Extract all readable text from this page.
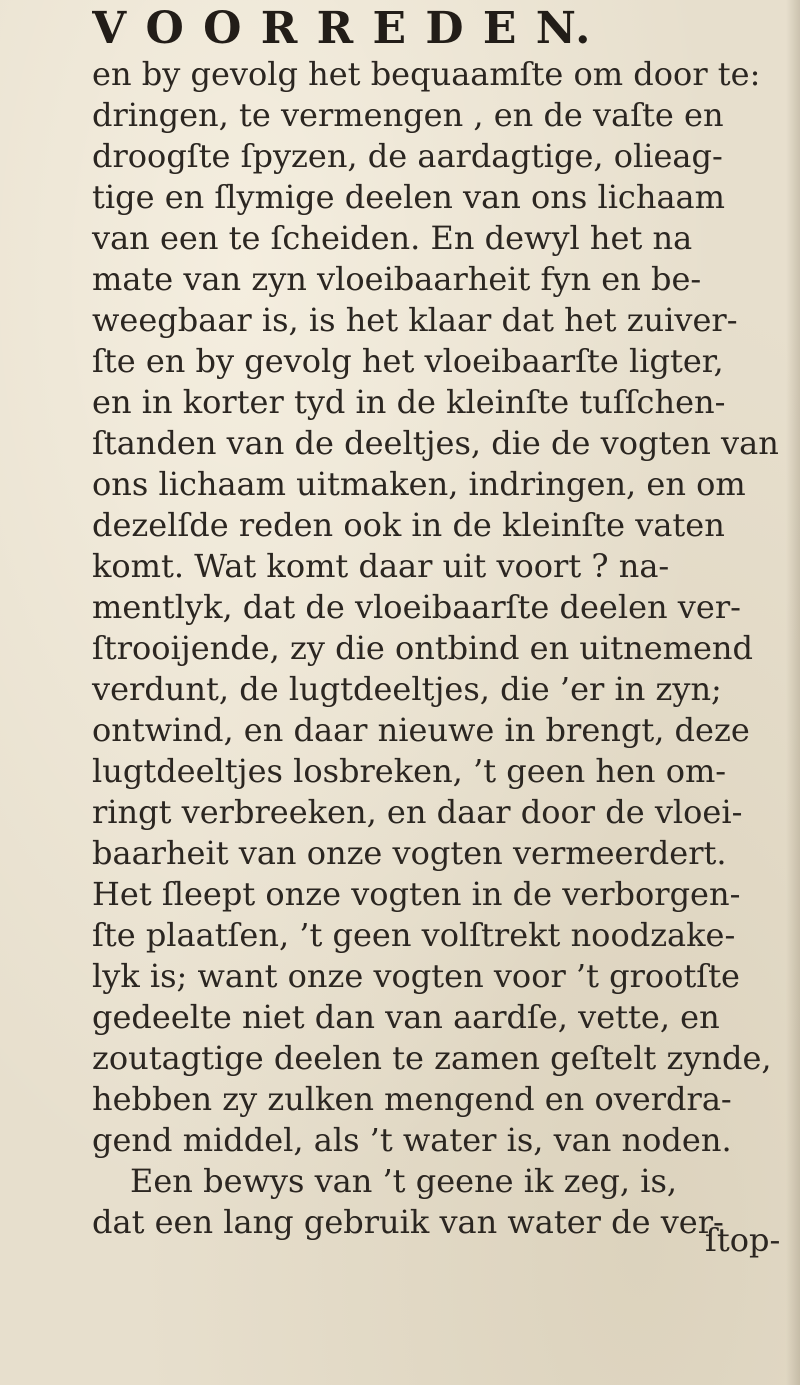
V O O R R E D E N.
en by gevolg het bequaamſte om door te:
dringen, te vermengen , en de vaſte en
droogſte ſpyzen, de aardagtige, olieag-
tige en ſlymige deelen van ons lichaam
van een te ſcheiden. En dewyl het na
mate van zyn vloeibaarheit fyn en be-
weegbaar is, is het klaar dat het zuiver-
ſte en by gevolg het vloeibaarſte ligter,
en in korter tyd in de kleinſte tuſſchen-
ſtanden van de deeltjes, die de vogten van
ons lichaam uitmaken, indringen, en om
dezelſde reden ook in de kleinſte vaten
komt. Wat komt daar uit voort ? na-
mentlyk, dat de vloeibaarſte deelen ver-
ſtrooijende, zy die ontbind en uitnemend
verdunt, de lugtdeeltjes, die ’er in zyn;
ontwind, en daar nieuwe in brengt, deze
lugtdeeltjes losbreken, ’t geen hen om-
ringt verbreeken, en daar door de vloei-
baarheit van onze vogten vermeerdert.
Het ſleept onze vogten in de verborgen-
ſte plaatſen, ’t geen volſtrekt noodzake-
lyk is; want onze vogten voor ’t grootſte
gedeelte niet dan van aardſe, vette, en
zoutagtige deelen te zamen geſtelt zynde,
hebben zy zulken mengend en overdra-
gend middel, als ’t water is, van noden.
Een bewys van ’t geene ik zeg, is,
dat een lang gebruik van water de ver-
ſtop-
